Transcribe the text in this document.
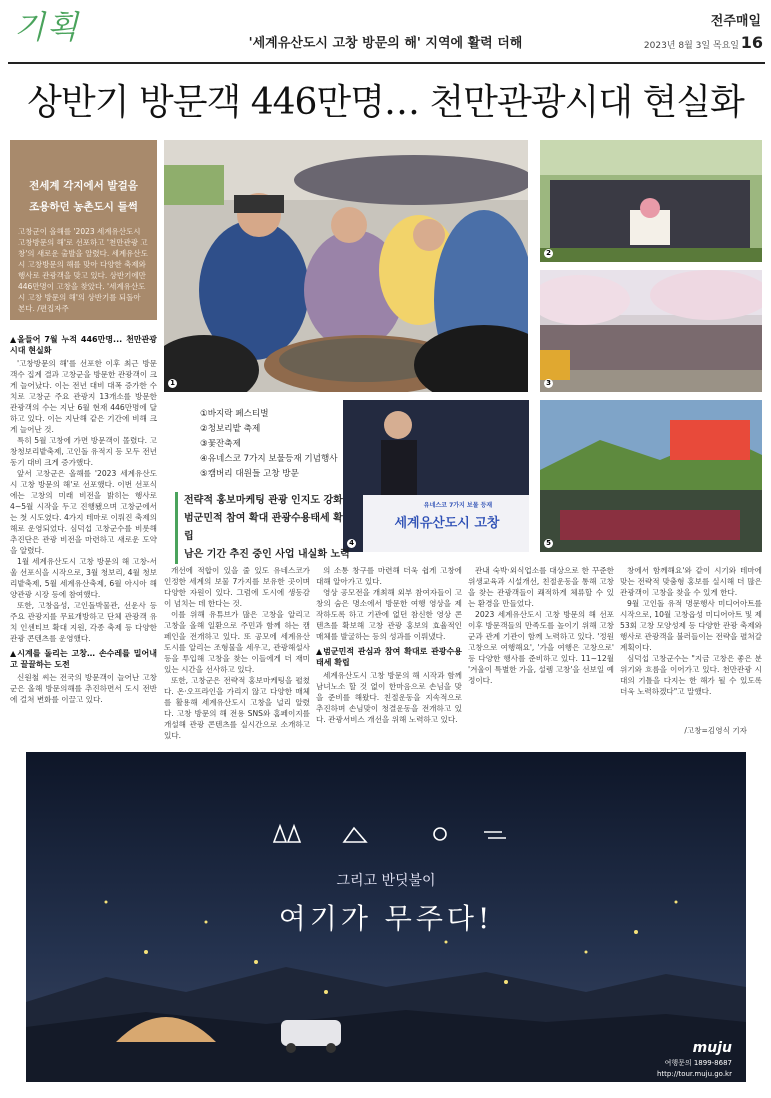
기획	'세계유산도시 고창 방문의 해' 지역에 활력 더해
전주매일
2023년 8월 3일 목요일 16
상반기 방문객 446만명… 천만관광시대 현실화
전세계 각지에서 발걸음
조용하던 농촌도시 들썩
고창군이 올해를 '2023 세계유산도시 고창방문의 해'로 선포하고 '천만관광 고창'의 새로운 출발을 알렸다. 세계유산도시 고창방문의 해를 맞아 다양한 축제와 행사로 관광객을 맞고 있다. 상반기에만 446만명이 고창을 찾았다. '세계유산도시 고창 방문의 해'의 상반기를 되돌아 본다. /편집자주
▲올들어 7월 누적 446만명... 천만관광시대 현실화

'고창방문의 해'를 선포한 이후 최근 방문객수 집계 결과 고창군을 방문한 관광객이 크게 늘어났다. 이는 전년 대비 대폭 증가한 수치로 고창군 주요 관광지 13개소를 방문한 관광객의 수는 지난 6월 현재 446만명에 달하고 있다. 이는 지난해 같은 기간에 비해 크게 늘어난 것.

특히 5월 고창에 가면 방문객이 몰렸다. 고창청보리밭축제, 고인돌 유적지 등 모두 전년 동기 대비 크게 증가했다.

앞서 고창군은 올해를 '2023 세계유산도시 고창 방문의 해'로 선포했다. 이번 선포식에는 고창의 미래 비전을 밝히는 행사로 4~5월 시작을 두고 진행됐으며 고창군에서는 첫 시도였다. 4가지 테마로 이뤄진 축제의 해로 운영되었다. 심덕섭 고창군수를 비롯해 추진단은 관광 비전을 마련하고 새로운 도약을 알렸다.

1월 세계유산도시 고창 방문의 해 고창-서울 선포식을 시작으로, 3월 청보리, 4월 청보리밭축제, 5월 세계유산축제, 6월 아시아 해양관광 시장 등에 참여했다.

또한, 고창읍성, 고인돌박물관, 선운사 등 주요 관광지를 무료개방하고 단체 관광객 유치 인센티브 확대 지원, 각종 축제 등 다양한 관광 콘텐츠를 운영했다.

▲시계를 돌리는 고창… 손수레를 밀어내고 끌끌하는 도전

신원철 씨는 전국의 방문객이 늘어난 고창군은 올해 방문의해를 추진하면서 도시 전반에 걸쳐 변화를 이끌고 있다.

1
2
3
①바지락 페스티벌
②청보리밭 축제
③꽃잔축제
④유네스코 7가지 보물등재 기념행사
⑤캠버리 대원들 고창 방문
유네스코 7가지 보물 등재
세계유산도시 고창
4	5
전략적 홍보마케팅 관광 인지도 강화
범군민적 참여 확대 관광수용태세 확립
남은 기간 추진 중인 사업 내실화 노력

개선에 적합이 있을 줄 있도 유네스코가 인정한 세계의 보물 7가지를 보유한 곳이며 다양한 자원이 있다. 그럼에 도시에 생동감이 넘치는 데 한다는 것.

이를 위해 유튜브가 많은 고창을 알리고 고창을 올해 일환으로 주민과 함께 하는 캠페인을 전개하고 있다. 또 공모에 세계유산도시를 알리는 조형물을 세우고, 관광해설사 등을 투입해 고창을 찾는 이들에게 더 재미 있는 시간을 선사하고 있다.

또한, 고창군은 전략적 홍보마케팅을 펼쳤다. 온·오프라인을 가리지 않고 다양한 매체를 활용해 세계유산도시 고창을 널리 알렸다. 고창 방문의 해 전용 SNS와 홈페이지를 개설해 관광 콘텐츠를 실시간으로 소개하고 있다.

의 소통 창구를 마련해 더욱 쉽게 고창에 대해 알아가고 있다.

영상 공모전을 개최해 외부 참여자들이 고창의 숨은 명소에서 방문한 여행 영상을 제작하도록 하고 기관에 없던 참신한 영상 콘텐츠를 확보해 고창 관광 홍보의 효율적인 매체를 발굴하는 등의 성과를 이뤄냈다.

▲범군민적 관심과 참여 확대로 관광수용태세 확립

세계유산도시 고창 방문의 해 시작과 함께 남녀노소 할 것 없이 한마음으로 손님을 맞을 준비를 해왔다. 친절운동을 지속적으로 추진하며 손님맞이 청결운동을 전개하고 있다. 관광서비스 개선을 위해 노력하고 있다.

관내 숙박·외식업소를 대상으로 한 꾸준한 위생교육과 시설개선, 친절운동을 통해 고창을 찾는 관광객들이 쾌적하게 체류할 수 있는 환경을 만들었다.

2023 세계유산도시 고창 방문의 해 선포 이후 방문객들의 만족도를 높이기 위해 고창군과 관계 기관이 함께 노력하고 있다. '정원 고창으로 여행해요', '가을 여행은 고창으로' 등 다양한 행사를 준비하고 있다. 11~12월 '겨울이 특별한 가을, 설렘 고창'을 선보일 예정이다.

창에서 함께해요'와 같이 시기와 테마에 맞는 전략적 맞춤형 홍보를 실시해 더 많은 관광객이 고창을 찾을 수 있게 한다.

9월 고인돌 유적 명문행사 미디어아트를 시작으로, 10월 고창읍성 미디어아트 및 제53회 고창 모양성제 등 다양한 관광 축제와 행사로 관광객을 불러들이는 전략을 펼쳐갈 계획이다.

심덕섭 고창군수는 "지금 고창은 좋은 분위기와 흐름을 이어가고 있다. 천만관광 시대의 기틀을 다지는 한 해가 될 수 있도록 더욱 노력하겠다"고 말했다.

/고창=김영식 기자
그리고 반딧불이
여기가 무주다!
muju
여행문의 1899-8687
http://tour.muju.go.kr
